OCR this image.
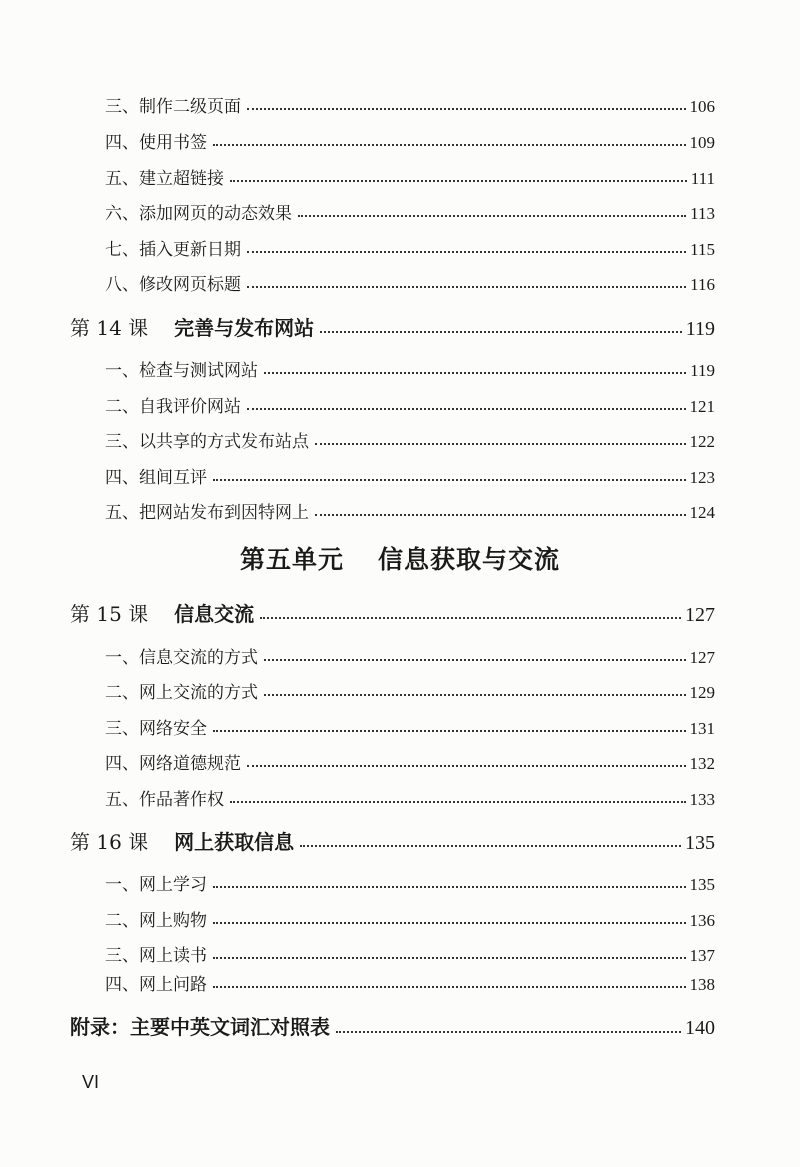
三、制作二级页面	106
四、使用书签	109
五、建立超链接	111
六、添加网页的动态效果	113
七、插入更新日期	115
八、修改网页标题	116
第 14 课 完善与发布网站	119
一、检查与测试网站	119
二、自我评价网站	121
三、以共享的方式发布站点	122
四、组间互评	123
五、把网站发布到因特网上	124
第五单元 信息获取与交流
第 15 课 信息交流	127
一、信息交流的方式	127
二、网上交流的方式	129
三、网络安全	131
四、网络道德规范	132
五、作品著作权	133
第 16 课 网上获取信息	135
一、网上学习	135
二、网上购物	136
三、网上读书	137
四、网上问路	138
附录：主要中英文词汇对照表	140
VI
